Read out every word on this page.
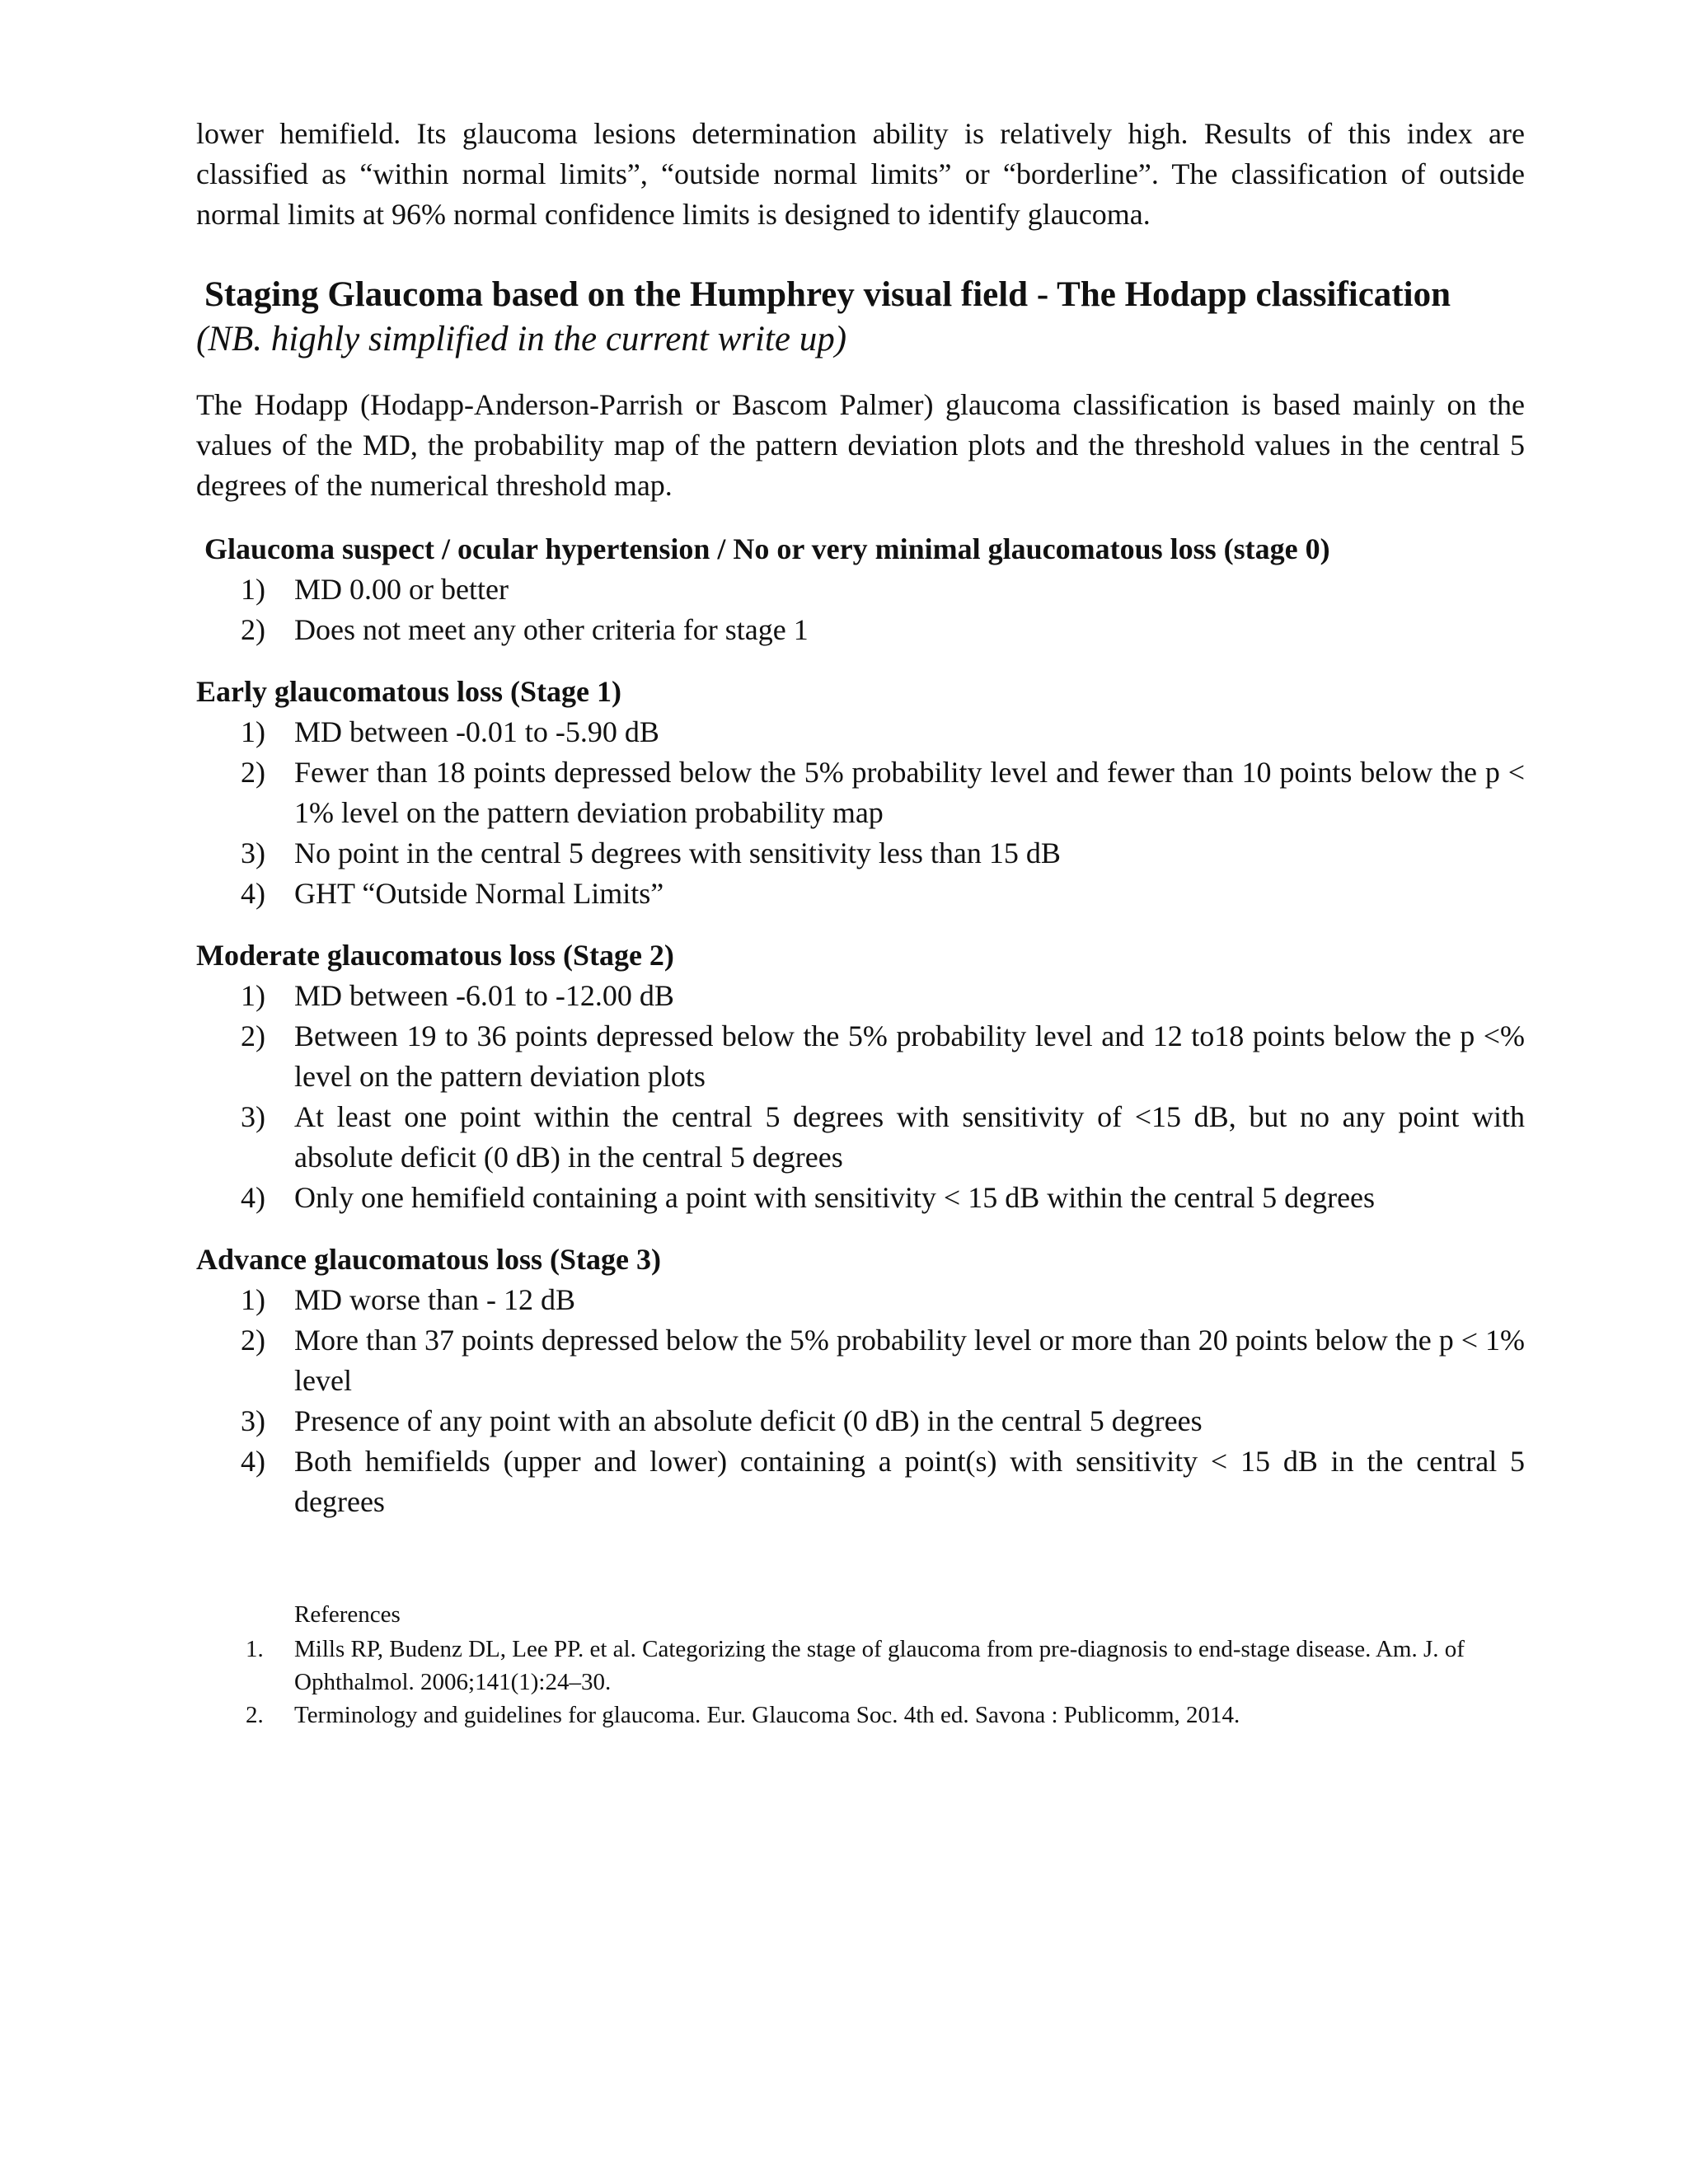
lower hemifield. Its glaucoma lesions determination ability is relatively high. Results of this index are classified as “within normal limits”, “outside normal limits” or “borderline”. The classification of outside normal limits at 96% normal confidence limits is designed to identify glaucoma.

Staging Glaucoma based on the Humphrey visual field - The Hodapp classification

(NB. highly simplified in the current write up)

The Hodapp (Hodapp-Anderson-Parrish or Bascom Palmer) glaucoma classification is based mainly on the values of the MD, the probability map of the pattern deviation plots and the threshold values in the central 5 degrees of the numerical threshold map.

Glaucoma suspect / ocular hypertension / No or very minimal glaucomatous loss (stage 0)

1) MD 0.00 or better
2) Does not meet any other criteria for stage 1

Early glaucomatous loss (Stage 1)

1) MD between -0.01 to -5.90 dB
2) Fewer than 18 points depressed below the 5% probability level and fewer than 10 points below the p < 1% level on the pattern deviation probability map
3) No point in the central 5 degrees with sensitivity less than 15 dB
4) GHT “Outside Normal Limits”

Moderate glaucomatous loss (Stage 2)

1) MD between -6.01 to -12.00 dB
2) Between 19 to 36 points depressed below the 5% probability level and 12 to18 points below the p <% level on the pattern deviation plots
3) At least one point within the central 5 degrees with sensitivity of <15 dB, but no any point with absolute deficit (0 dB) in the central 5 degrees
4) Only one hemifield containing a point with sensitivity < 15 dB within the central 5 degrees

Advance glaucomatous loss (Stage 3)

1) MD worse than - 12 dB
2) More than 37 points depressed below the 5% probability level or more than 20 points below the p < 1% level
3) Presence of any point with an absolute deficit (0 dB) in the central 5 degrees
4) Both hemifields (upper and lower) containing a point(s) with sensitivity < 15 dB in the central 5 degrees

References

1. Mills RP, Budenz DL, Lee PP. et al. Categorizing the stage of glaucoma from pre-diagnosis to end-stage disease. Am. J. of Ophthalmol. 2006;141(1):24–30.
2. Terminology and guidelines for glaucoma. Eur. Glaucoma Soc. 4th ed. Savona : Publicomm, 2014.
